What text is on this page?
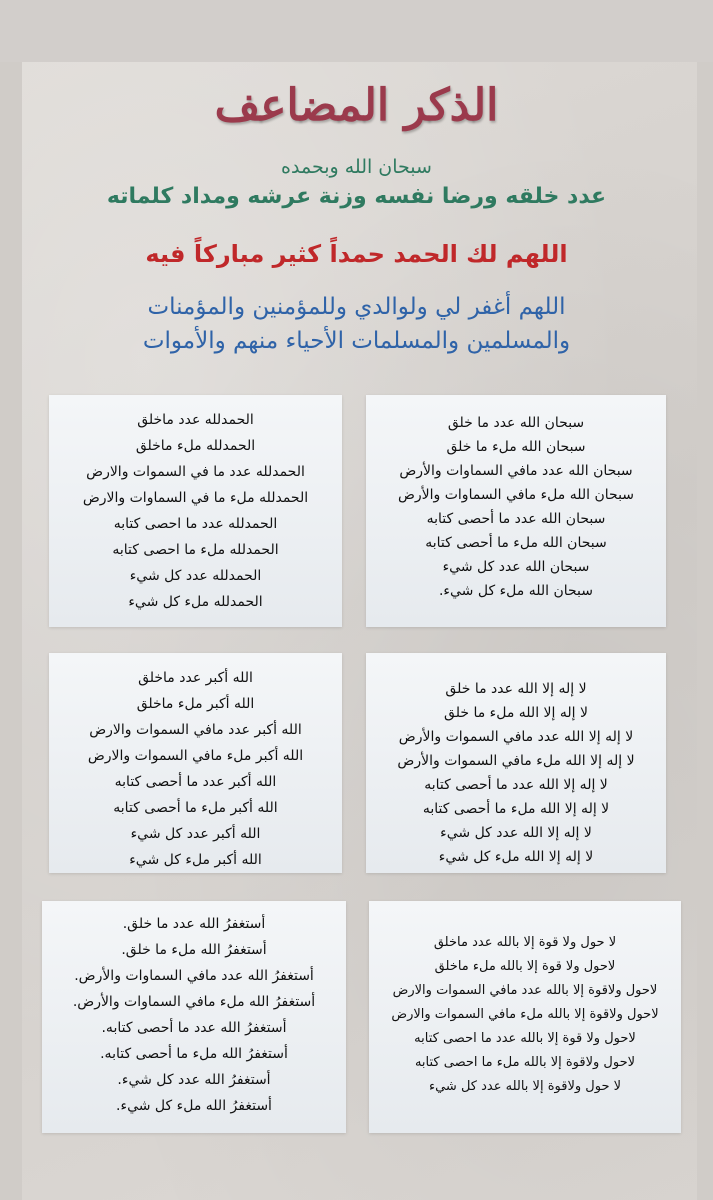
الذكر المضاعف
سبحان الله وبحمده
عدد خلقه ورضا نفسه وزنة عرشه ومداد كلماته
اللهم لك الحمد حمداً كثير مباركاً فيه
اللهم أغفر لي ولوالدي وللمؤمنين والمؤمنات
والمسلمين والمسلمات الأحياء منهم والأموات
سبحان الله عدد ما خلق
سبحان الله ملء ما خلق
سبحان الله عدد مافي السماوات والأرض
سبحان الله ملء مافي السماوات والأرض
سبحان الله عدد ما أحصى كتابه
سبحان الله ملء ما أحصى كتابه
سبحان الله عدد كل شيء
سبحان الله ملء كل شيء.
الحمدلله عدد ماخلق
الحمدلله ملء ماخلق
الحمدلله عدد ما في السموات والارض
الحمدلله ملء ما في السماوات والارض
الحمدلله عدد ما احصى كتابه
الحمدلله ملء ما احصى كتابه
الحمدلله عدد كل شيء
الحمدلله ملء كل شيء
لا إله إلا الله عدد ما خلق
لا إله إلا الله ملء ما خلق
لا إله إلا الله عدد مافي السموات والأرض
لا إله إلا الله ملء مافي السموات والأرض
لا إله إلا الله عدد ما أحصى كتابه
لا إله إلا الله ملء ما أحصى كتابه
لا إله إلا الله عدد كل شيء
لا إله إلا الله ملء كل شيء
الله أكبر عدد ماخلق
الله أكبر ملء ماخلق
الله أكبر عدد مافي السموات والارض
الله أكبر ملء مافي السموات والارض
الله أكبر عدد ما أحصى كتابه
الله أكبر ملء ما أحصى كتابه
الله أكبر عدد كل شيء
الله أكبر ملء كل شيء
لا حول ولا قوة إلا بالله عدد ماخلق
لاحول ولا قوة إلا بالله ملء ماخلق
لاحول ولاقوة إلا بالله عدد مافي السموات والارض
لاحول ولاقوة إلا بالله ملء مافي السموات والارض
لاحول ولا قوة إلا بالله عدد ما احصى كتابه
لاحول ولاقوة إلا بالله ملء ما احصى كتابه
لا حول ولاقوة إلا بالله عدد كل شيء
أستغفرُ الله عدد ما خلق.
أستغفرُ الله ملء ما خلق.
أستغفرُ الله عدد مافي السماوات والأرض.
أستغفرُ الله ملء مافي السماوات والأرض.
أستغفرُ الله عدد ما أحصى كتابه.
أستغفرُ الله ملء ما أحصى كتابه.
أستغفرُ الله عدد كل شيء.
أستغفرُ الله ملء كل شيء.
